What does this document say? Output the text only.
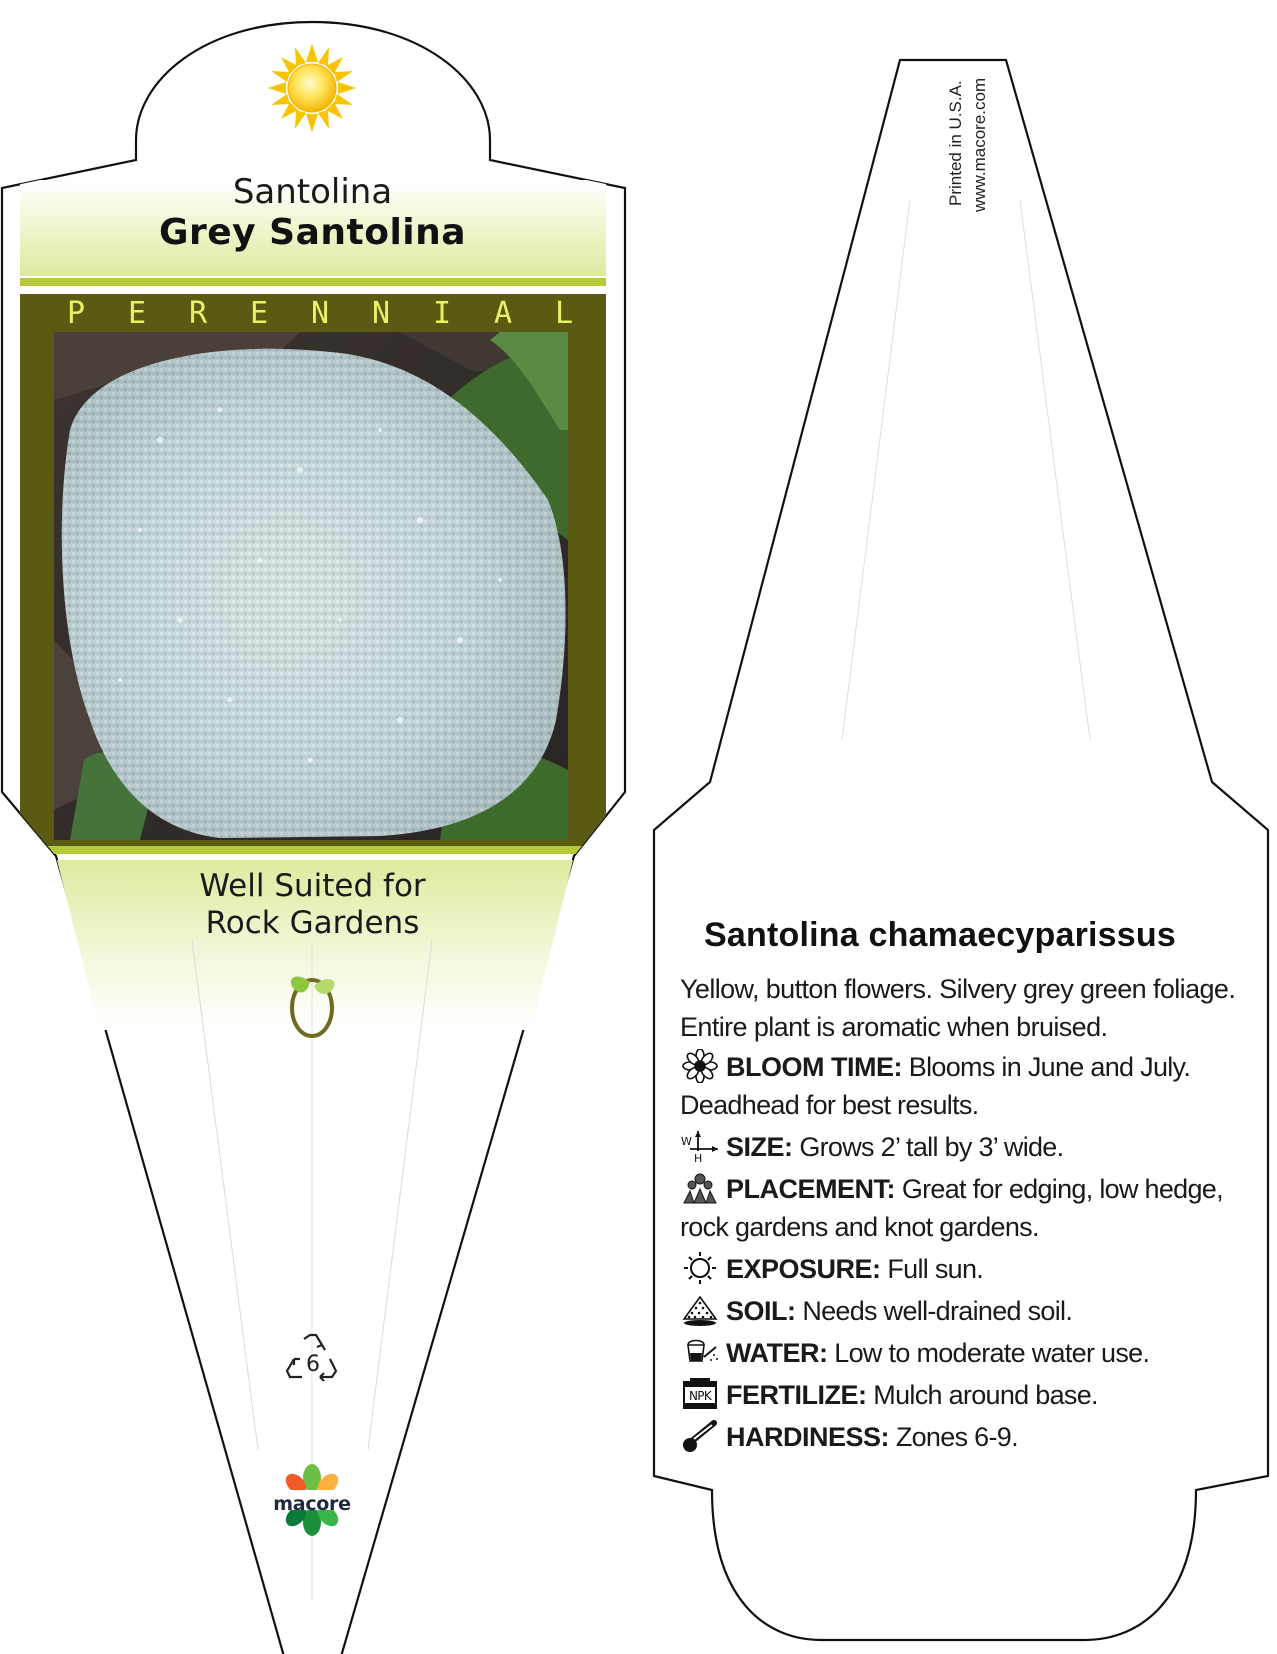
Santolina
Grey Santolina
P E R E N N I A L
Well Suited for
Rock Gardens
6
macore
Printed in U.S.A. www.macore.com
Santolina chamaecyparissus
Yellow, button flowers. Silvery grey green foliage. Entire plant is aromatic when bruised.
BLOOM TIME: Blooms in June and July. Deadhead for best results.
W
H SIZE: Grows 2’ tall by 3’ wide.
PLACEMENT: Great for edging, low hedge, rock gardens and knot gardens.
EXPOSURE: Full sun.
SOIL: Needs well-drained soil.
WATER: Low to moderate water use.
NPK FERTILIZE: Mulch around base.
HARDINESS: Zones 6-9.
